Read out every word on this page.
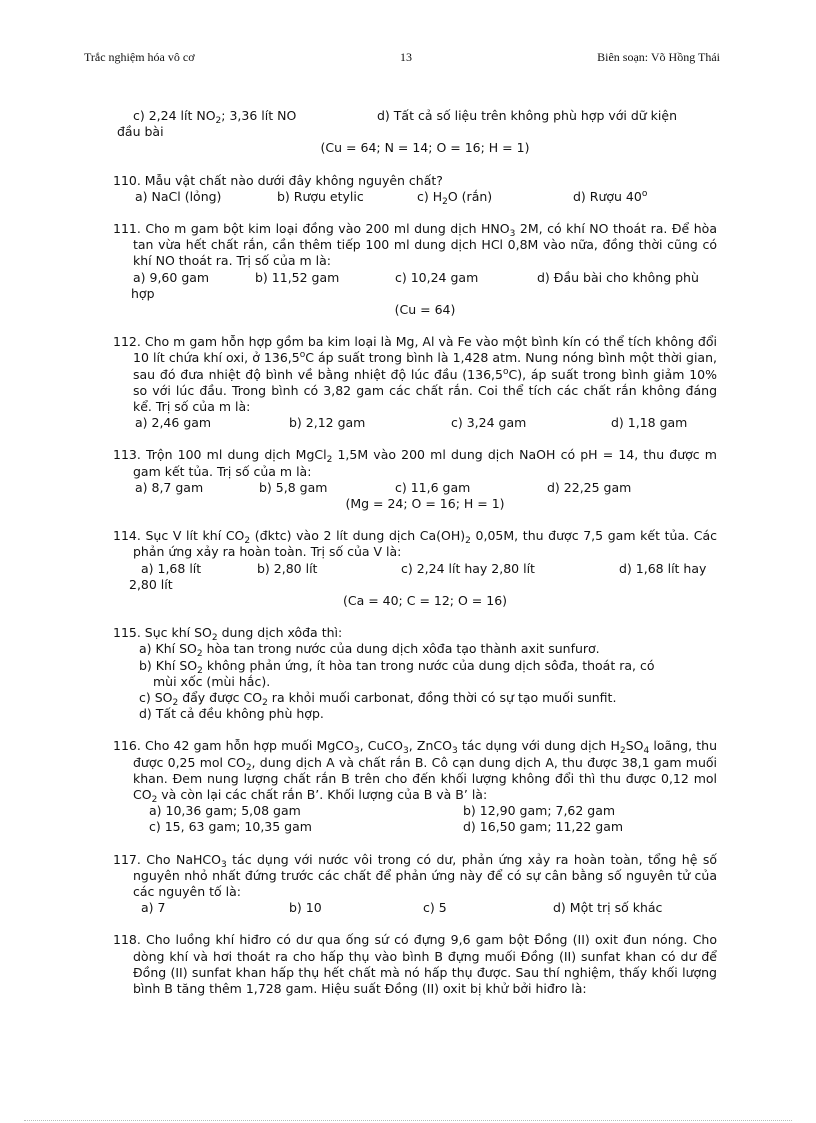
Trắc nghiệm hóa vô cơ	13	Biên soạn: Võ Hồng Thái
c) 2,24 lít $NO_2$; 3,36 lít NO	d) Tất cả số liệu trên không phù hợp với dữ kiện
đầu bài
(Cu = 64; N = 14; O = 16; H = 1)
110. Mẫu vật chất nào dưới đây không nguyên chất?
a) NaCl (lỏng)	b) Rượu etylic	c) $H_2O$ (rắn)	d) Rượu 40$^o$
111. Cho m gam bột kim loại đồng vào 200 ml dung dịch $HNO_3$ 2M, có khí NO thoát ra. Để hòa tan vừa hết chất rắn, cần thêm tiếp 100 ml dung dịch HCl 0,8M vào nữa, đồng thời cũng có khí NO thoát ra. Trị số của m là:
a) 9,60 gam	b) 11,52 gam	c) 10,24 gam	d) Đầu bài cho không phù
hợp
(Cu = 64)
112. Cho m gam hỗn hợp gồm ba kim loại là Mg, Al và Fe vào một bình kín có thể tích không đổi 10 lít chứa khí oxi, ở 136,5$^o$C áp suất trong bình là 1,428 atm. Nung nóng bình một thời gian, sau đó đưa nhiệt độ bình về bằng nhiệt độ lúc đầu (136,5$^o$C), áp suất trong bình giảm 10% so với lúc đầu. Trong bình có 3,82 gam các chất rắn. Coi thể tích các chất rắn không đáng kể. Trị số của m là:
a) 2,46 gam	b) 2,12 gam	c) 3,24 gam	d) 1,18 gam
113. Trộn 100 ml dung dịch MgCl$_2$ 1,5M vào 200 ml dung dịch NaOH có pH = 14, thu được m gam kết tủa. Trị số của m là:
a) 8,7 gam	b) 5,8 gam	c) 11,6 gam	d) 22,25 gam
(Mg = 24; O = 16; H = 1)
114. Sục V lít khí $CO_2$ (đktc) vào 2 lít dung dịch $Ca(OH)_2$ 0,05M, thu được 7,5 gam kết tủa. Các phản ứng xảy ra hoàn toàn. Trị số của V là:
a) 1,68 lít	b) 2,80 lít	c) 2,24 lít hay 2,80 lít	d) 1,68 lít hay
2,80 lít
(Ca = 40; C = 12; O = 16)
115. Sục khí $SO_2$ dung dịch xôđa thì:
a) Khí $SO_2$ hòa tan trong nước của dung dịch xôđa tạo thành axit sunfurơ.
b) Khí $SO_2$ không phản ứng, ít hòa tan trong nước của dung dịch sôđa, thoát ra, có
mùi xốc (mùi hắc).
c) $SO_2$ đẩy được $CO_2$ ra khỏi muối carbonat, đồng thời có sự tạo muối sunfit.
d) Tất cả đều không phù hợp.
116. Cho 42 gam hỗn hợp muối MgCO$_3$, CuCO$_3$, ZnCO$_3$ tác dụng với dung dịch $H_2SO_4$ loãng, thu được 0,25 mol $CO_2$, dung dịch A và chất rắn B. Cô cạn dung dịch A, thu được 38,1 gam muối khan. Đem nung lượng chất rắn B trên cho đến khối lượng không đổi thì thu được 0,12 mol $CO_2$ và còn lại các chất rắn B’. Khối lượng của B và B’ là:
a) 10,36 gam; 5,08 gam	b) 12,90 gam; 7,62 gam
c) 15, 63 gam; 10,35 gam	d) 16,50 gam; 11,22 gam
117. Cho NaHCO$_3$ tác dụng với nước vôi trong có dư, phản ứng xảy ra hoàn toàn, tổng hệ số nguyên nhỏ nhất đứng trước các chất để phản ứng này để có sự cân bằng số nguyên tử của các nguyên tố là:
a) 7	b) 10	c) 5	d) Một trị số khác
118. Cho luồng khí hiđro có dư qua ống sứ có đựng 9,6 gam bột Đồng (II) oxit đun nóng. Cho dòng khí và hơi thoát ra cho hấp thụ vào bình B đựng muối Đồng (II) sunfat khan có dư để Đồng (II) sunfat khan hấp thụ hết chất mà nó hấp thụ được. Sau thí nghiệm, thấy khối lượng bình B tăng thêm 1,728 gam. Hiệu suất Đồng (II) oxit bị khử bởi hiđro là:
